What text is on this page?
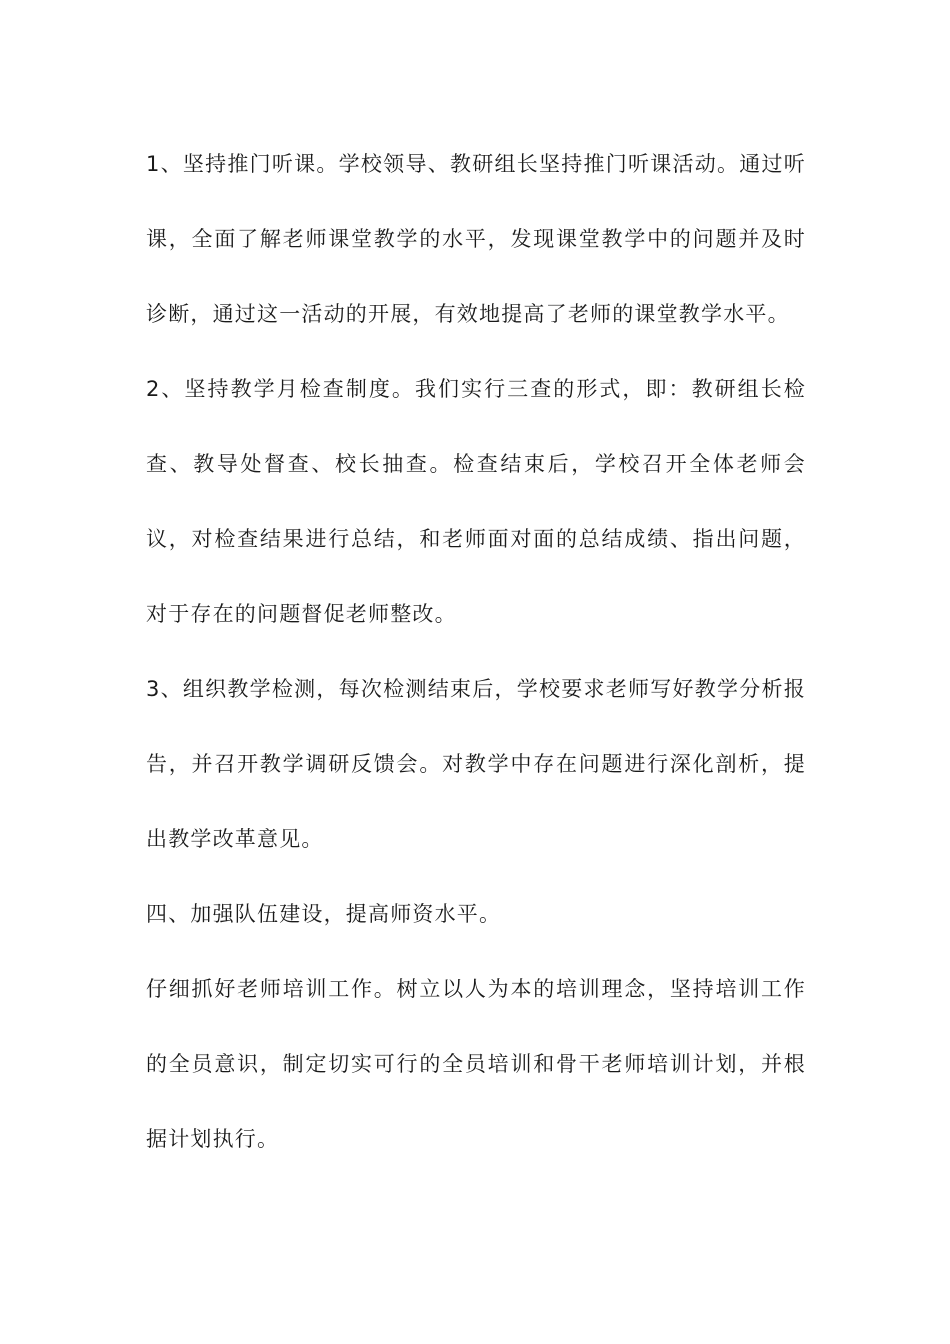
1、坚持推门听课。学校领导、教研组长坚持推门听课活动。通过听课，全面了解老师课堂教学的水平，发现课堂教学中的问题并及时诊断，通过这一活动的开展，有效地提高了老师的课堂教学水平。

2、坚持教学月检查制度。我们实行三查的形式，即：教研组长检查、教导处督查、校长抽查。检查结束后，学校召开全体老师会议，对检查结果进行总结，和老师面对面的总结成绩、指出问题，对于存在的问题督促老师整改。

3、组织教学检测，每次检测结束后，学校要求老师写好教学分析报告，并召开教学调研反馈会。对教学中存在问题进行深化剖析，提出教学改革意见。

四、加强队伍建设，提高师资水平。

仔细抓好老师培训工作。树立以人为本的培训理念，坚持培训工作的全员意识，制定切实可行的全员培训和骨干老师培训计划，并根据计划执行。
